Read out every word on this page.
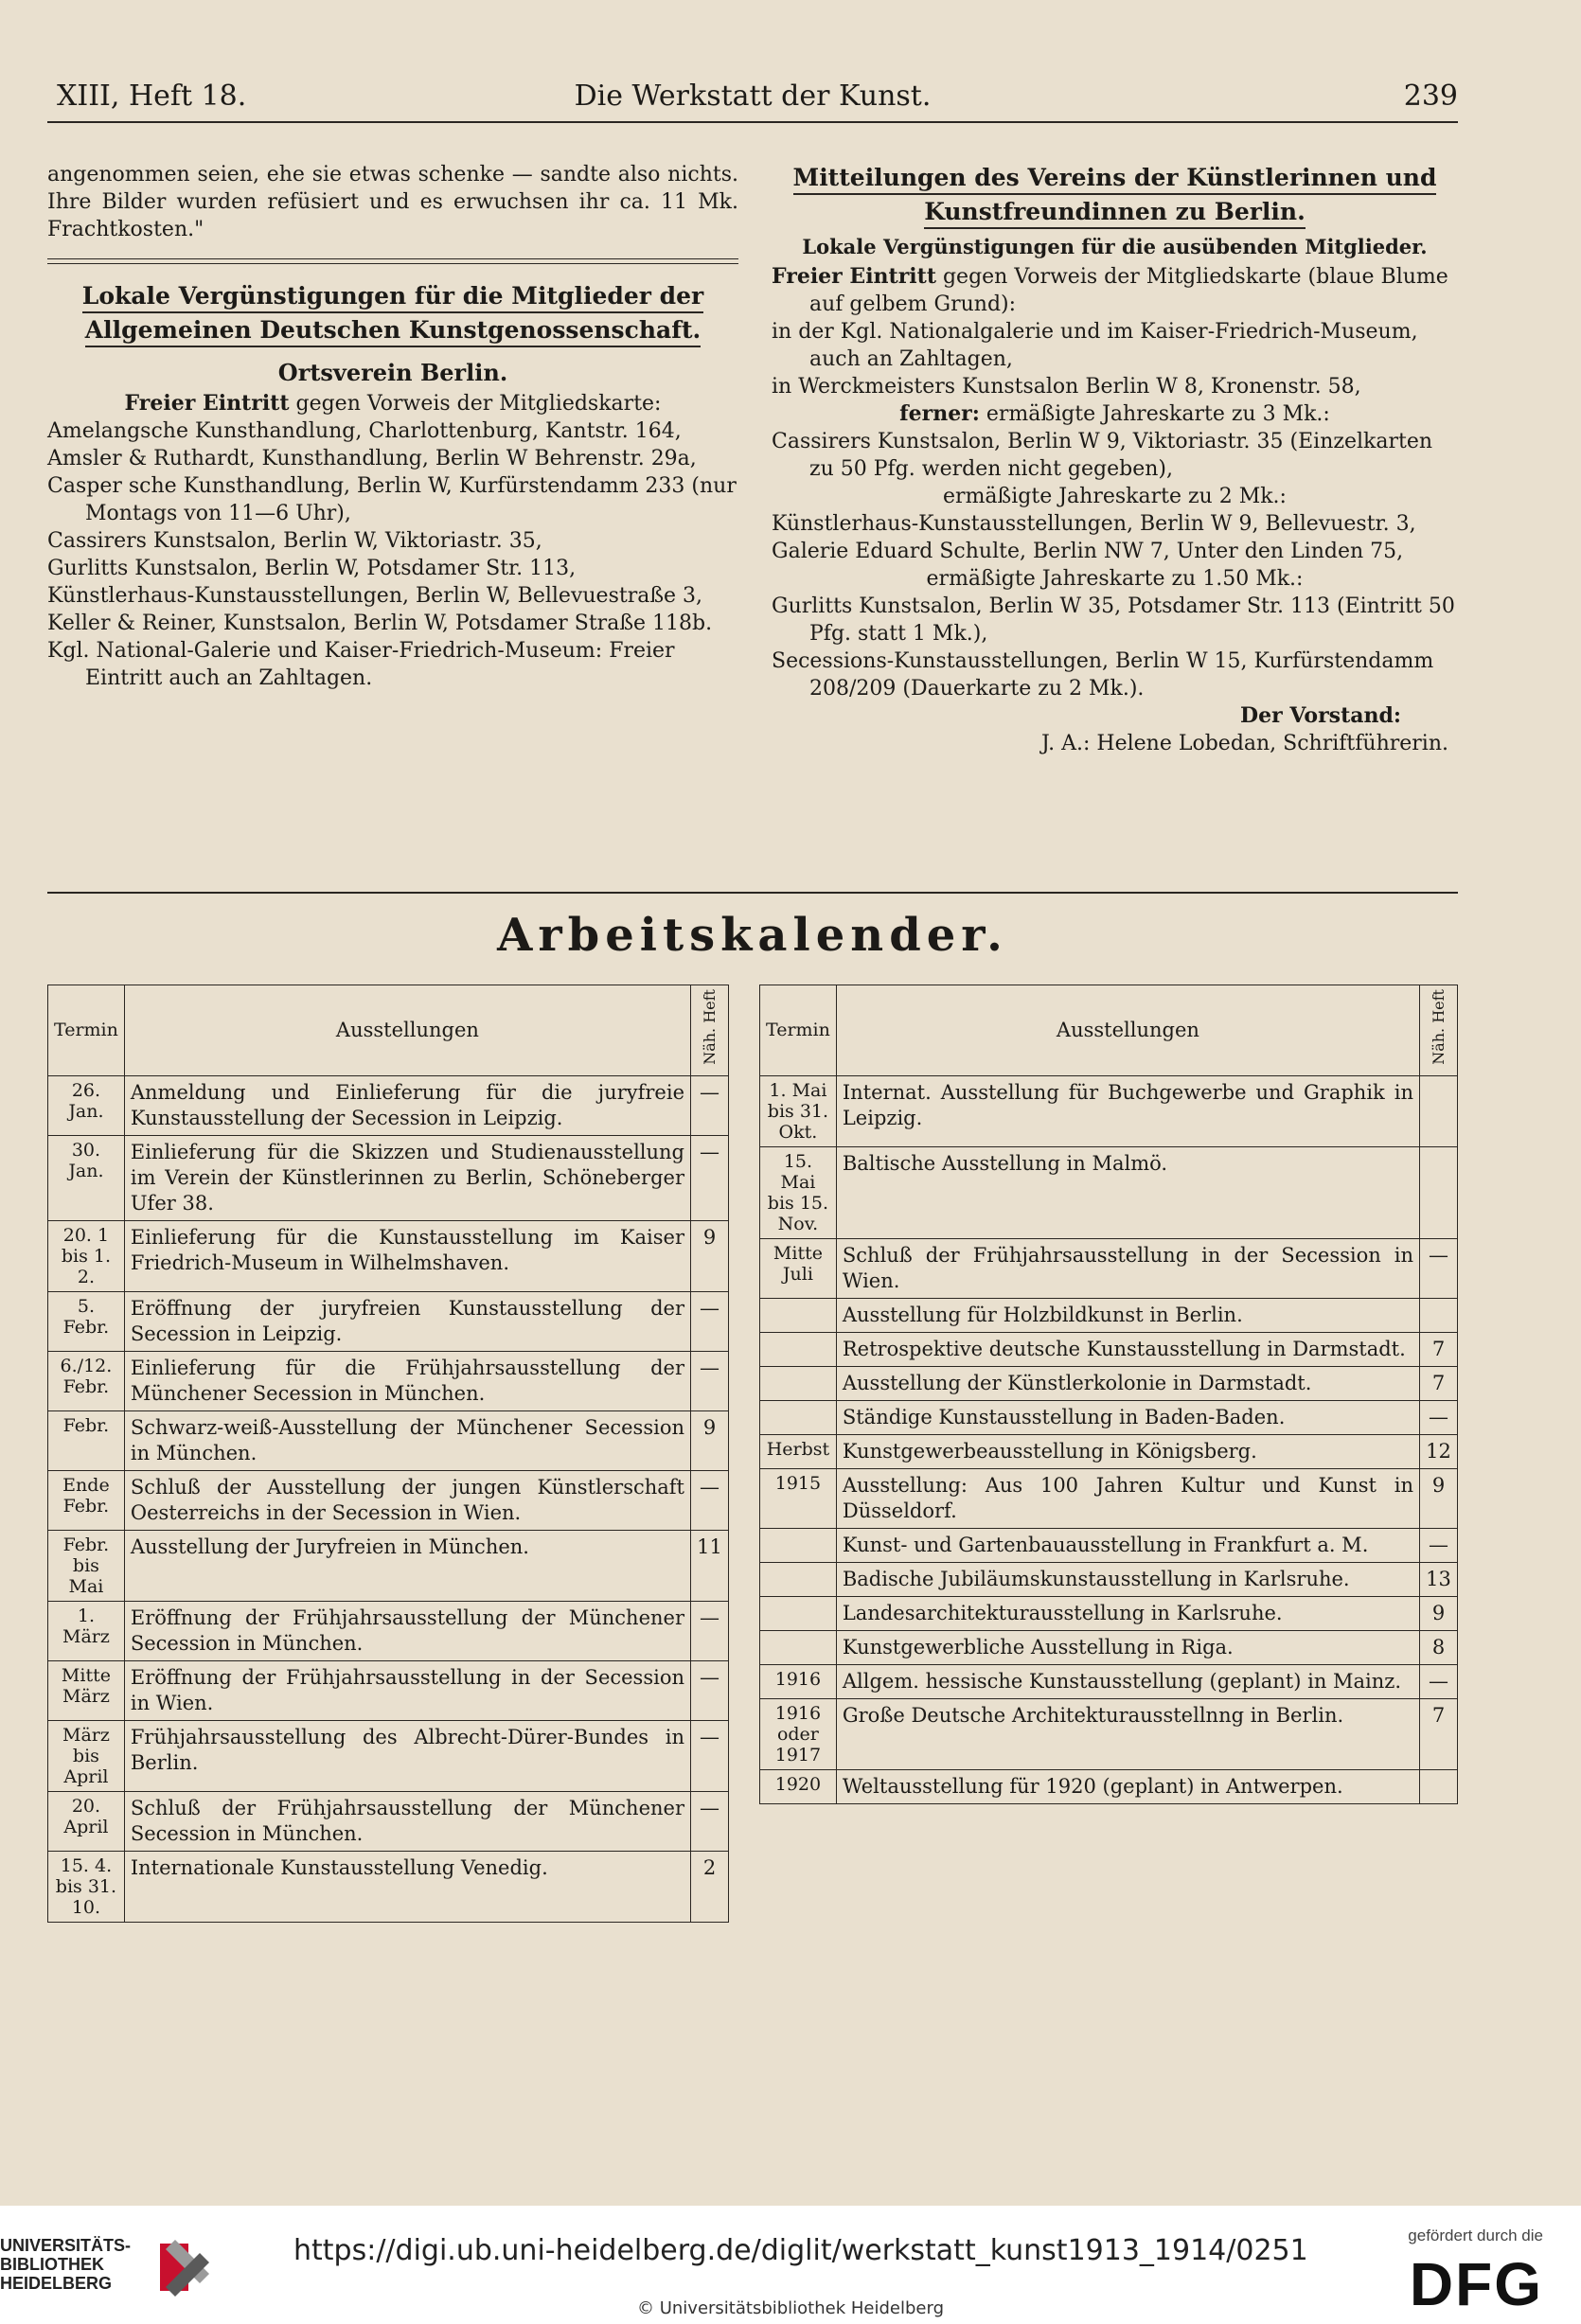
XIII, Heft 18.	Die Werkstatt der Kunst.	239

angenommen seien, ehe sie etwas schenke — sandte also nichts. Ihre Bilder wurden refüsiert und es erwuchsen ihr ca. 11 Mk. Frachtkosten."

Lokale Vergünstigungen für die Mitglieder der
Allgemeinen Deutschen Kunstgenossenschaft.
Ortsverein Berlin.

Freier Eintritt gegen Vorweis der Mitgliedskarte:

Amelangsche Kunsthandlung, Charlottenburg, Kantstr. 164,

Amsler & Ruthardt, Kunsthandlung, Berlin W Behrenstr. 29a,

Casper sche Kunsthandlung, Berlin W, Kurfürstendamm 233 (nur Montags von 11—6 Uhr),

Cassirers Kunstsalon, Berlin W, Viktoriastr. 35,

Gurlitts Kunstsalon, Berlin W, Potsdamer Str. 113,

Künstlerhaus-Kunstausstellungen, Berlin W, Bellevuestraße 3,

Keller & Reiner, Kunstsalon, Berlin W, Potsdamer Straße 118b.

Kgl. National-Galerie und Kaiser-Friedrich-Museum: Freier Eintritt auch an Zahltagen.

Mitteilungen des Vereins der Künstlerinnen und
Kunstfreundinnen zu Berlin.
Lokale Vergünstigungen für die ausübenden Mitglieder.

Freier Eintritt gegen Vorweis der Mitgliedskarte (blaue Blume auf gelbem Grund):

in der Kgl. Nationalgalerie und im Kaiser-Friedrich-Museum, auch an Zahltagen,

in Werckmeisters Kunstsalon Berlin W 8, Kronenstr. 58,

ferner: ermäßigte Jahreskarte zu 3 Mk.:

Cassirers Kunstsalon, Berlin W 9, Viktoriastr. 35 (Einzelkarten zu 50 Pfg. werden nicht gegeben),

ermäßigte Jahreskarte zu 2 Mk.:

Künstlerhaus-Kunstausstellungen, Berlin W 9, Bellevuestr. 3,

Galerie Eduard Schulte, Berlin NW 7, Unter den Linden 75,

ermäßigte Jahreskarte zu 1.50 Mk.:

Gurlitts Kunstsalon, Berlin W 35, Potsdamer Str. 113 (Eintritt 50 Pfg. statt 1 Mk.),

Secessions-Kunstausstellungen, Berlin W 15, Kurfürstendamm 208/209 (Dauerkarte zu 2 Mk.).

Der Vorstand:

J. A.: Helene Lobedan, Schriftführerin.

Arbeitskalender.
Termin	Ausstellungen	Näh. Heft
26. Jan.	Anmeldung und Einlieferung für die juryfreie Kunstausstellung der Secession in Leipzig.	—
30. Jan.	Einlieferung für die Skizzen und Studienausstellung im Verein der Künstlerinnen zu Berlin, Schöneberger Ufer 38.	—
20. 1 bis 1. 2.	Einlieferung für die Kunstausstellung im Kaiser Friedrich-Museum in Wilhelmshaven.	9
5. Febr.	Eröffnung der juryfreien Kunstausstellung der Secession in Leipzig.	—
6./12. Febr.	Einlieferung für die Frühjahrsausstellung der Münchener Secession in München.	—
Febr.	Schwarz-weiß-Ausstellung der Münchener Secession in München.	9
Ende Febr.	Schluß der Ausstellung der jungen Künstlerschaft Oesterreichs in der Secession in Wien.	—
Febr. bis Mai	Ausstellung der Juryfreien in München.	11
1. März	Eröffnung der Frühjahrsausstellung der Münchener Secession in München.	—
Mitte März	Eröffnung der Frühjahrsausstellung in der Secession in Wien.	—
März bis April	Frühjahrsausstellung des Albrecht-Dürer-Bundes in Berlin.	—
20. April	Schluß der Frühjahrsausstellung der Münchener Secession in München.	—
15. 4. bis 31. 10.	Internationale Kunstausstellung Venedig.	2
Termin	Ausstellungen	Näh. Heft
1. Mai bis 31. Okt.	Internat. Ausstellung für Buchgewerbe und Graphik in Leipzig.	
15. Mai bis 15. Nov.	Baltische Ausstellung in Malmö.	
Mitte Juli	Schluß der Frühjahrsausstellung in der Secession in Wien.	—
	Ausstellung für Holzbildkunst in Berlin.	
	Retrospektive deutsche Kunstausstellung in Darmstadt.	7
	Ausstellung der Künstlerkolonie in Darmstadt.	7
	Ständige Kunstausstellung in Baden-Baden.	—
Herbst	Kunstgewerbeausstellung in Königsberg.	12
1915	Ausstellung: Aus 100 Jahren Kultur und Kunst in Düsseldorf.	9
	Kunst- und Gartenbauausstellung in Frankfurt a. M.	—
	Badische Jubiläumskunstausstellung in Karlsruhe.	13
	Landesarchitekturausstellung in Karlsruhe.	9
	Kunstgewerbliche Ausstellung in Riga.	8
1916	Allgem. hessische Kunstausstellung (geplant) in Mainz.	—
1916 oder 1917	Große Deutsche Architekturausstellnng in Berlin.	7
1920	Weltausstellung für 1920 (geplant) in Antwerpen.	
UNIVERSITÄTS- BIBLIOTHEK HEIDELBERG
https://digi.ub.uni-heidelberg.de/diglit/werkstatt_kunst1913_1914/0251
© Universitätsbibliothek Heidelberg
gefördert durch die
DFG
